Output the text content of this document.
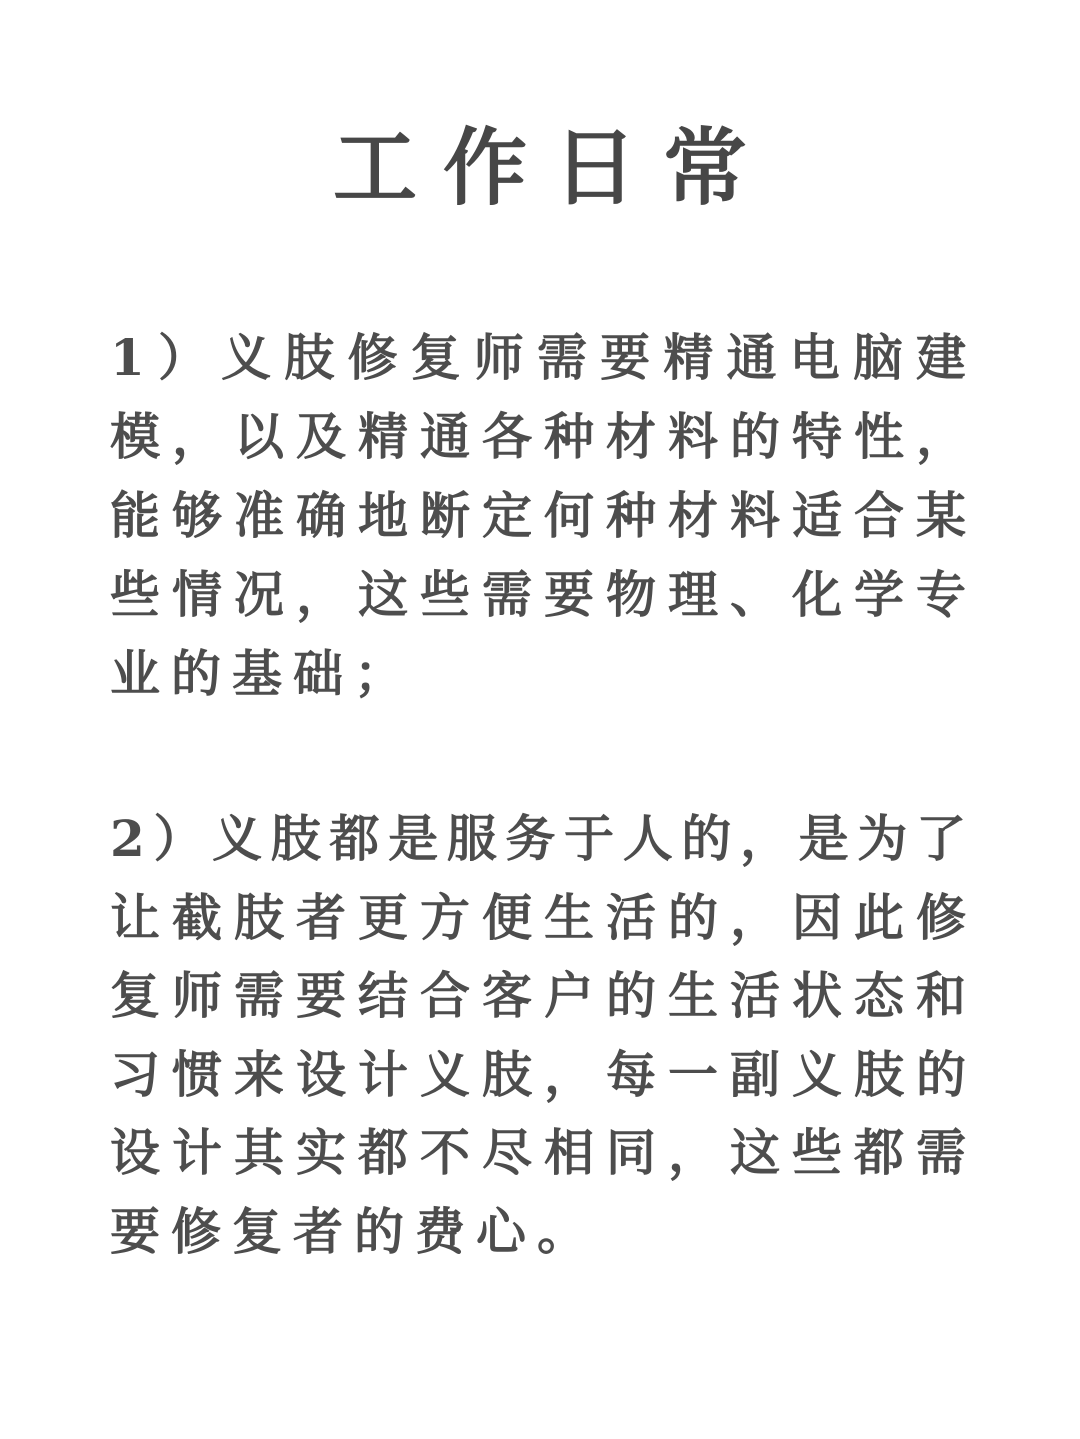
工作日常
1）义肢修复师需要精通电脑建
模，以及精通各种材料的特性，
能够准确地断定何种材料适合某
些情况，这些需要物理、化学专
业的基础；
2）义肢都是服务于人的，是为了
让截肢者更方便生活的，因此修
复师需要结合客户的生活状态和
习惯来设计义肢，每一副义肢的
设计其实都不尽相同，这些都需
要修复者的费心。
